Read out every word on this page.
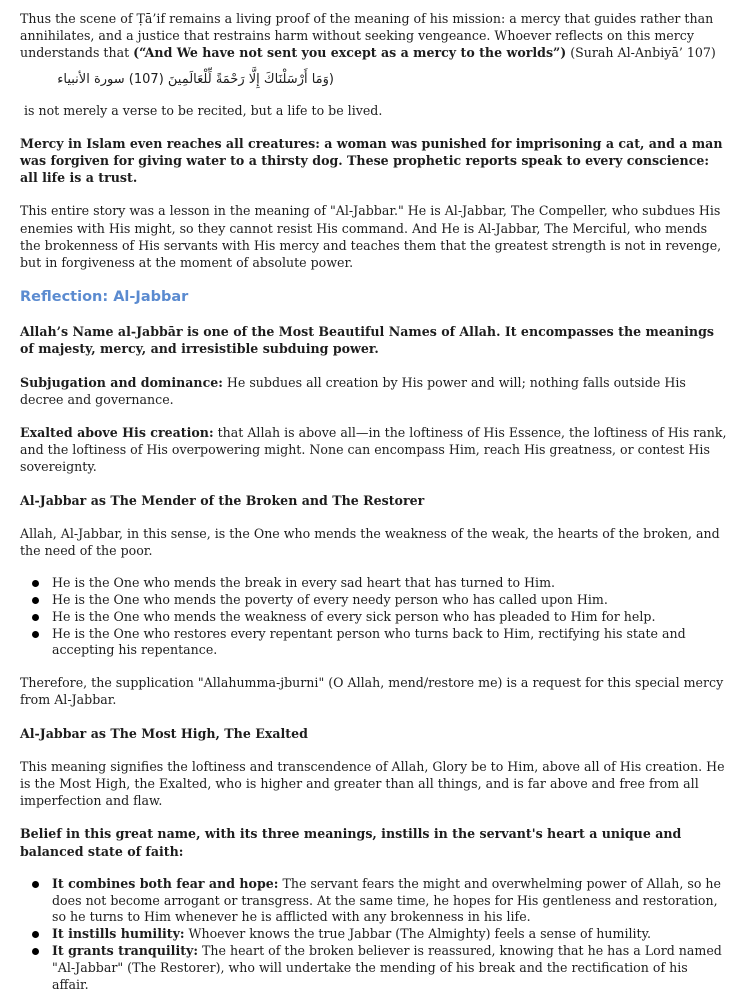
Thus the scene of Ṭā’if remains a living proof of the meaning of his mission: a mercy that guides rather than annihilates, and a justice that restrains harm without seeking vengeance. Whoever reflects on this mercy understands that (“And We have not sent you except as a mercy to the worlds”) (Surah Al-Anbiyā’ 107)

(وَمَا أَرْسَلْنَاكَ إِلَّا رَحْمَةً لِّلْعَالَمِينَ (107) سورة الأنبياء

is not merely a verse to be recited, but a life to be lived.

Mercy in Islam even reaches all creatures: a woman was punished for imprisoning a cat, and a man was forgiven for giving water to a thirsty dog. These prophetic reports speak to every conscience: all life is a trust.

This entire story was a lesson in the meaning of "Al-Jabbar." He is Al-Jabbar, The Compeller, who subdues His enemies with His might, so they cannot resist His command. And He is Al-Jabbar, The Merciful, who mends the brokenness of His servants with His mercy and teaches them that the greatest strength is not in revenge, but in forgiveness at the moment of absolute power.

Reflection: Al-Jabbar

Allah’s Name al-Jabbār is one of the Most Beautiful Names of Allah. It encompasses the meanings of majesty, mercy, and irresistible subduing power.

Subjugation and dominance: He subdues all creation by His power and will; nothing falls outside His decree and governance.

Exalted above His creation: that Allah is above all—in the loftiness of His Essence, the loftiness of His rank, and the loftiness of His overpowering might. None can encompass Him, reach His greatness, or contest His sovereignty.

Al-Jabbar as The Mender of the Broken and The Restorer

Allah, Al-Jabbar, in this sense, is the One who mends the weakness of the weak, the hearts of the broken, and the need of the poor.

He is the One who mends the break in every sad heart that has turned to Him.
He is the One who mends the poverty of every needy person who has called upon Him.
He is the One who mends the weakness of every sick person who has pleaded to Him for help.
He is the One who restores every repentant person who turns back to Him, rectifying his state and accepting his repentance.

Therefore, the supplication "Allahumma-jburni" (O Allah, mend/restore me) is a request for this special mercy from Al-Jabbar.

Al-Jabbar as The Most High, The Exalted

This meaning signifies the loftiness and transcendence of Allah, Glory be to Him, above all of His creation. He is the Most High, the Exalted, who is higher and greater than all things, and is far above and free from all imperfection and flaw.

Belief in this great name, with its three meanings, instills in the servant's heart a unique and balanced state of faith:

It combines both fear and hope: The servant fears the might and overwhelming power of Allah, so he does not become arrogant or transgress. At the same time, he hopes for His gentleness and restoration, so he turns to Him whenever he is afflicted with any brokenness in his life.
It instills humility: Whoever knows the true Jabbar (The Almighty) feels a sense of humility.
It grants tranquility: The heart of the broken believer is reassured, knowing that he has a Lord named "Al-Jabbar" (The Restorer), who will undertake the mending of his break and the rectification of his affair.
